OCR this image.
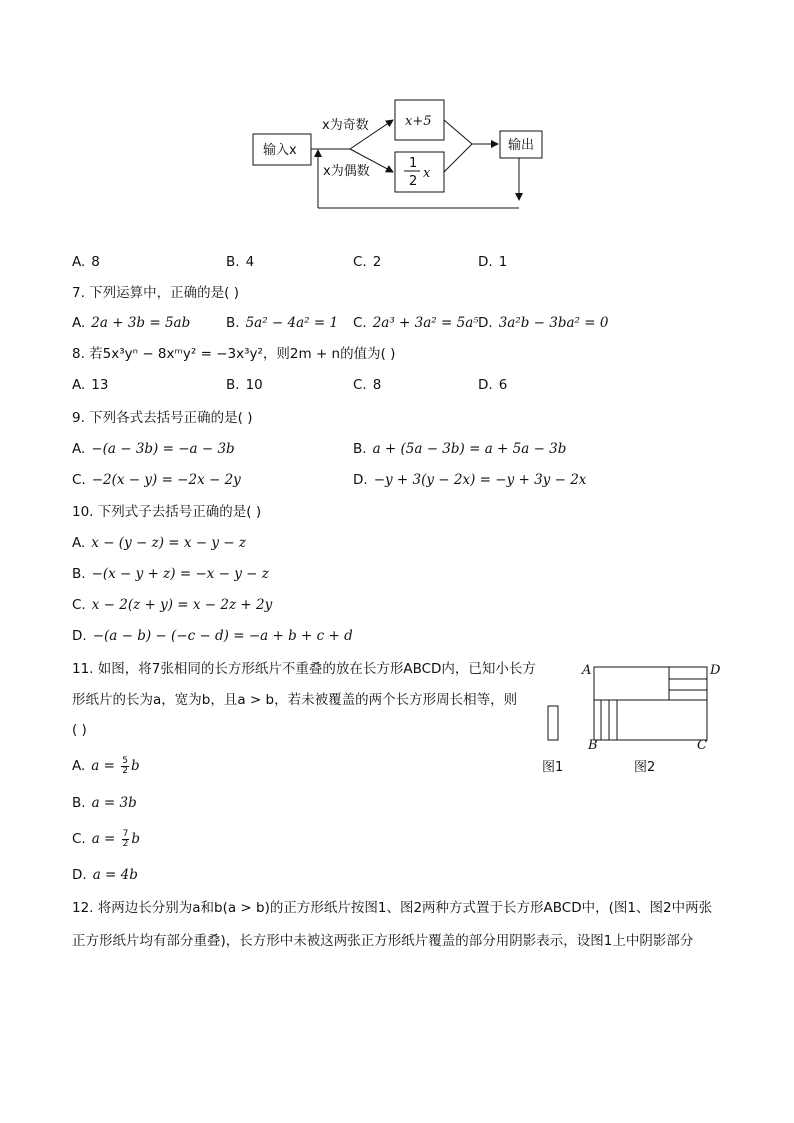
输入x
x+5
1
2
x
输出
x为奇数
x为偶数
A. 8	B. 4	C. 2	D. 1
7. 下列运算中，正确的是( )
A. 2a + 3b = 5ab	B. 5a² − 4a² = 1 C. 2a³ + 3a² = 5a⁵ D. 3a²b − 3ba² = 0
8. 若5x³yⁿ − 8xᵐy² = −3x³y²，则2m + n的值为( )
A. 13	B. 10	C. 8	D. 6
9. 下列各式去括号正确的是( )
A. −(a − 3b) = −a − 3b	B. a + (5a − 3b) = a + 5a − 3b
C. −2(x − y) = −2x − 2y	D. −y + 3(y − 2x) = −y + 3y − 2x
10. 下列式子去括号正确的是( )
A. x − (y − z) = x − y − z
B. −(x − y + z) = −x − y − z
C. x − 2(z + y) = x − 2z + 2y
D. −(a − b) − (−c − d) = −a + b + c + d
11. 如图，将7张相同的长方形纸片不重叠的放在长方形ABCD内，已知小长方
形纸片的长为a，宽为b，且a > b，若未被覆盖的两个长方形周长相等，则
( )
A. $a = \frac{5}{2}$ b
B. a = 3b
C. $a = \frac{7}{2}$ b
D. a = 4b
A	D
B	C
图1	图2
12. 将两边长分别为a和b(a > b)的正方形纸片按图1、图2两种方式置于长方形ABCD中，(图1、图2中两张
正方形纸片均有部分重叠)，长方形中未被这两张正方形纸片覆盖的部分用阴影表示，设图1上中阴影部分
